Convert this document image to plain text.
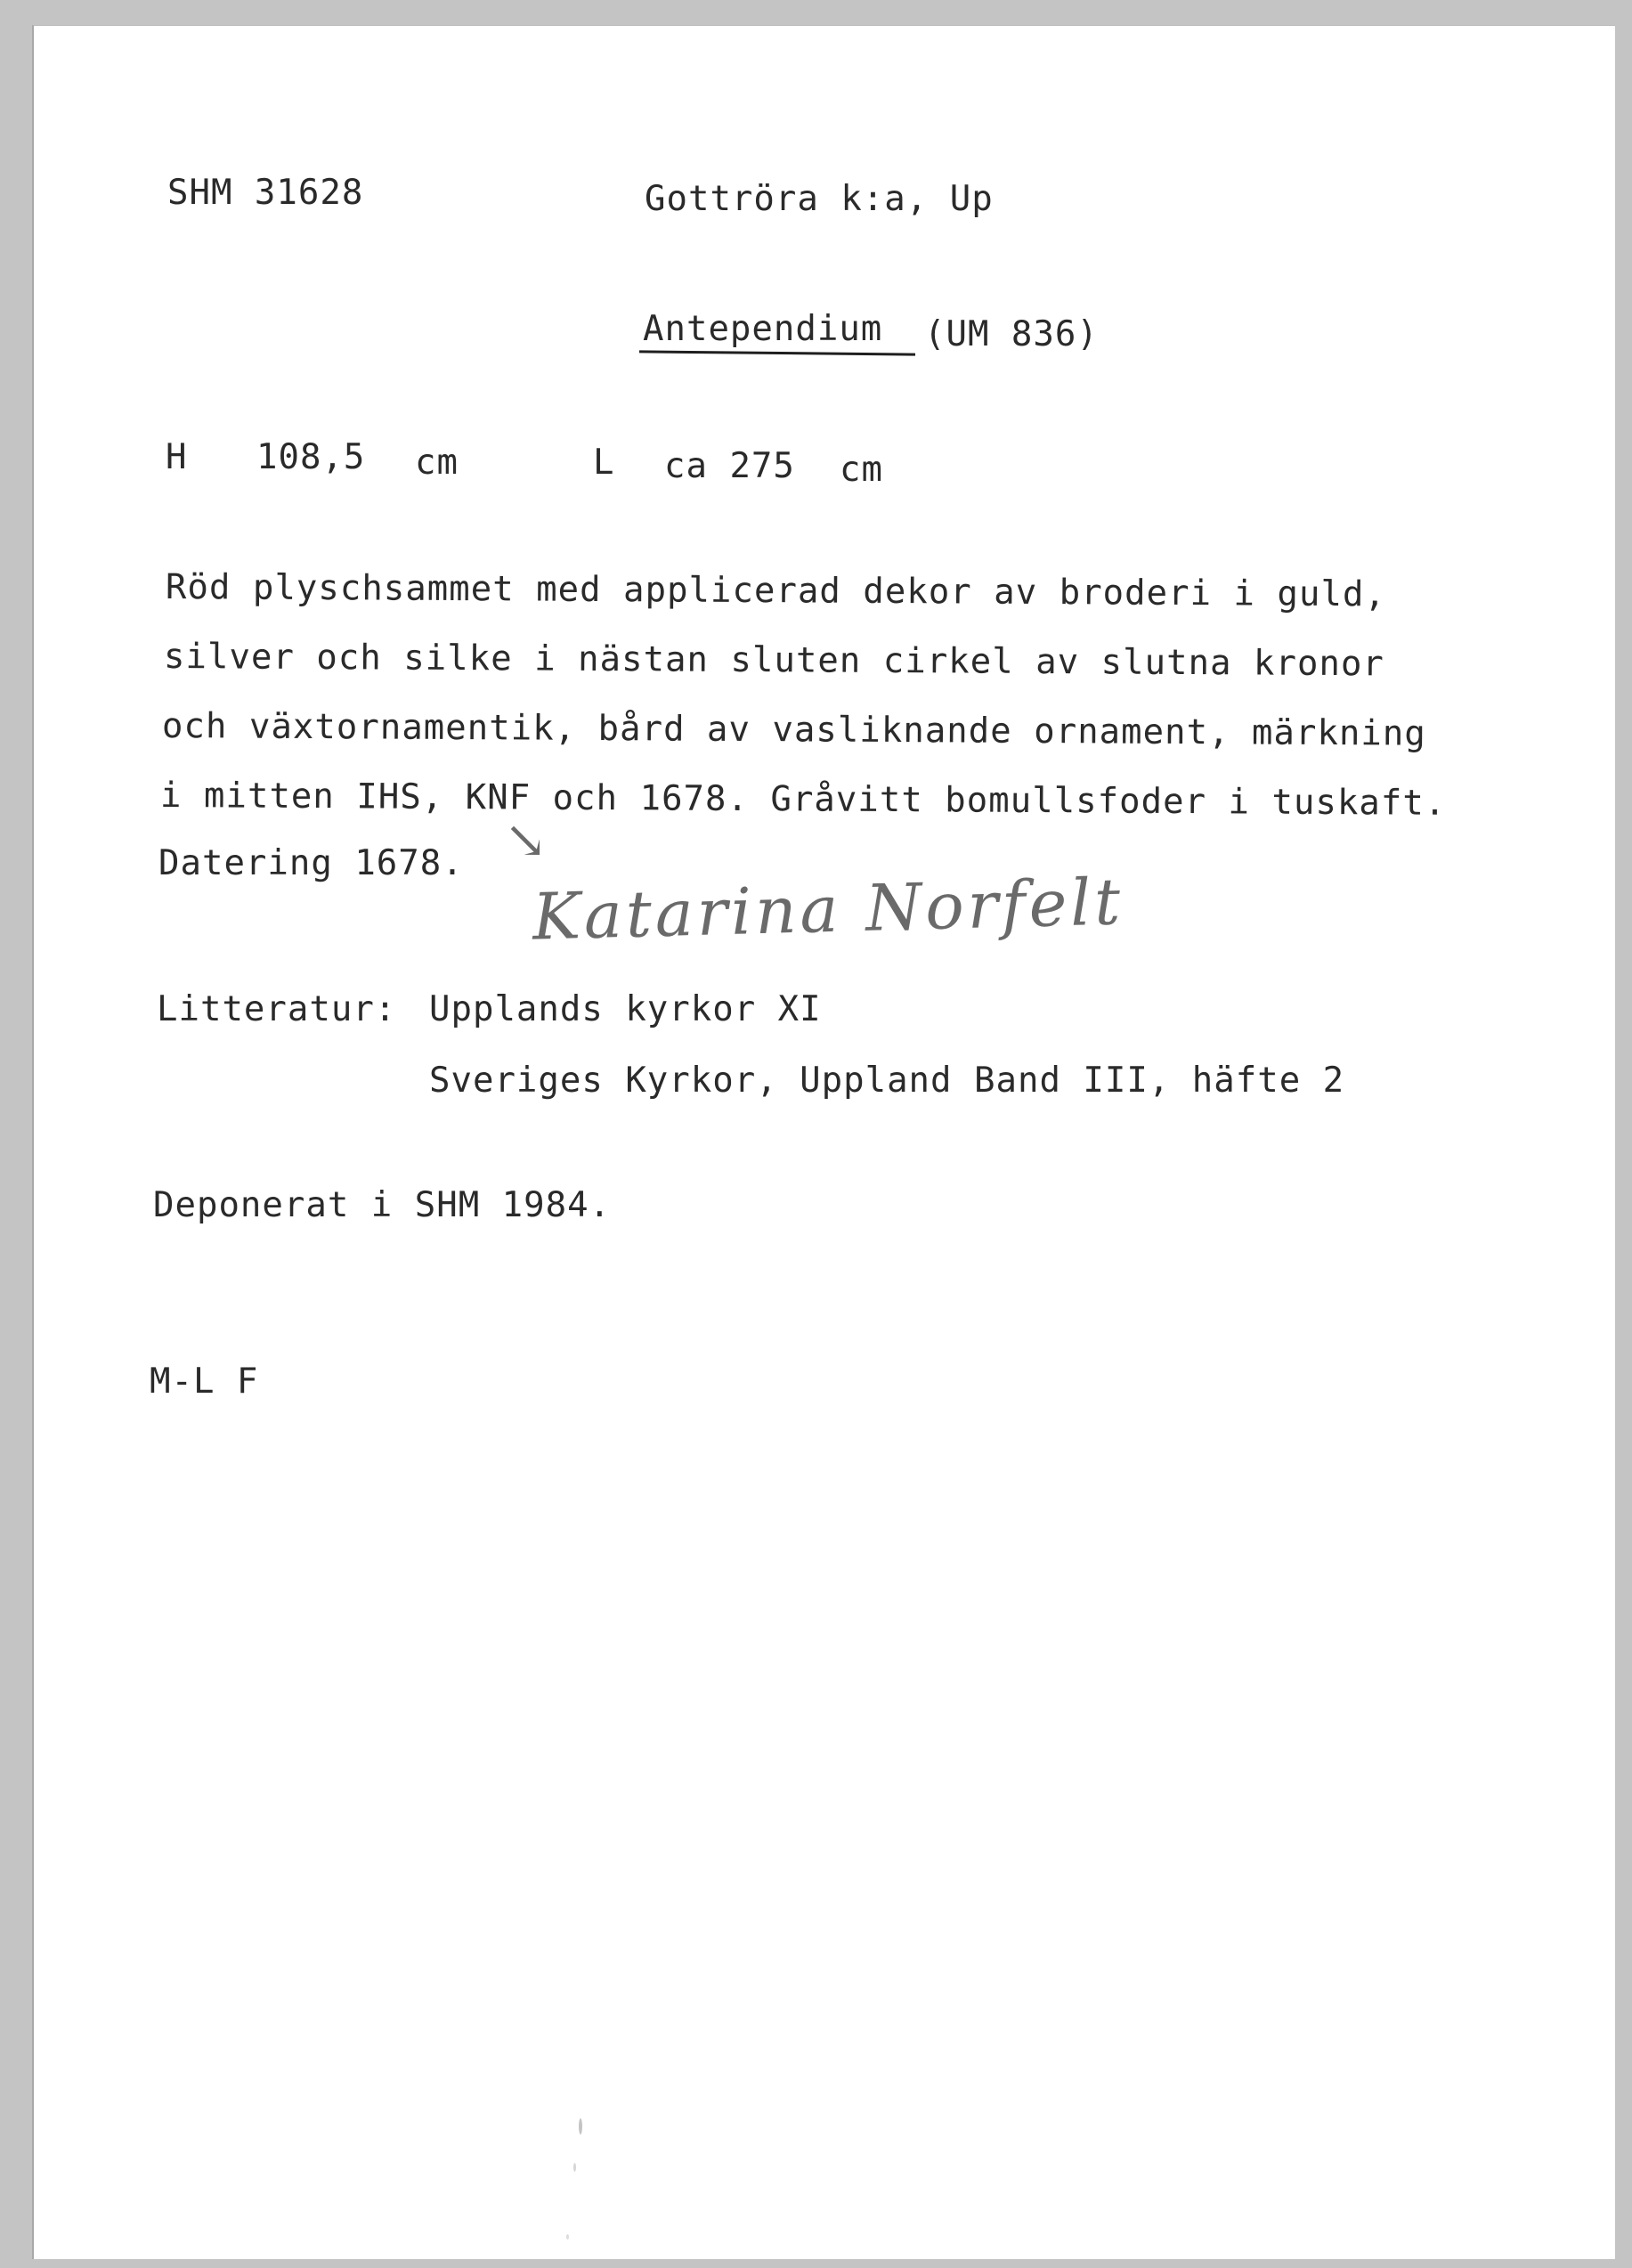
SHM 31628	Gottröra k:a, Up
Antependium (UM 836)
H 108,5 cm	L ca 275 cm
Röd plyschsammet med applicerad dekor av broderi i guld,
silver och silke i nästan sluten cirkel av slutna kronor
och växtornamentik, bård av vasliknande ornament, märkning
i mitten IHS, KNF och 1678. Gråvitt bomullsfoder i tuskaft.
Datering 1678. ↘
Katarina Norfelt
Litteratur: Upplands kyrkor XI
Sveriges Kyrkor, Uppland Band III, häfte 2
Deponerat i SHM 1984.
M-L F
